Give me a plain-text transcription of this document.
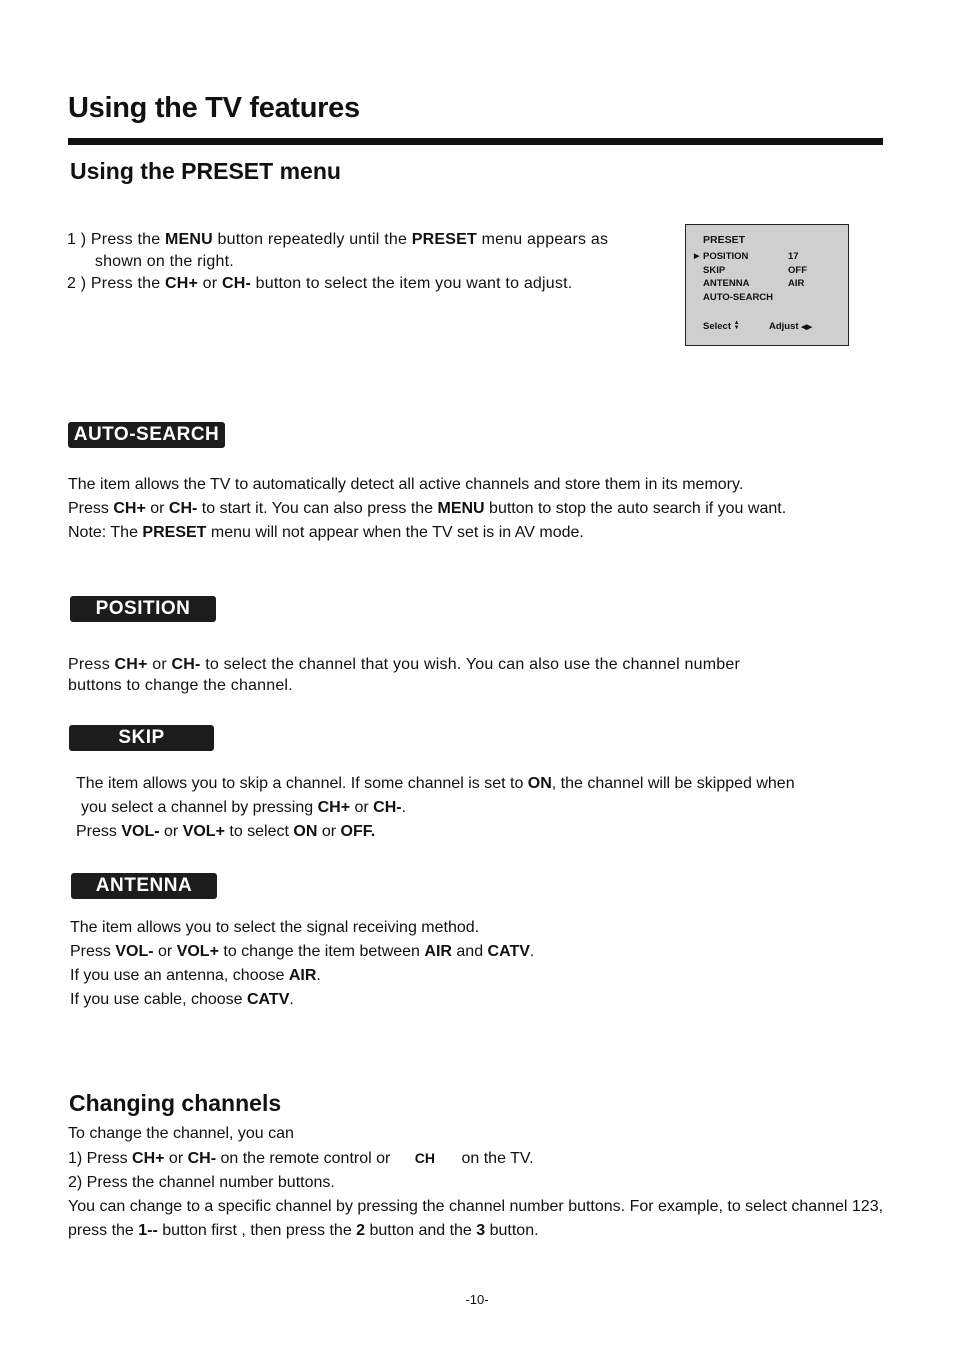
Using the TV features
Using the PRESET menu
1 ) Press the MENU button repeatedly until the PRESET menu appears as
shown on the right.
2 ) Press the CH+ or CH- button to select the item you want to adjust.
PRESET
▶ POSITION	17
SKIP	OFF
ANTENNA	AIR
AUTO-SEARCH
Select ▲▼	Adjust ◀▶
AUTO-SEARCH
The item allows the TV to automatically detect all active channels and store them in its memory.
Press CH+ or CH- to start it. You can also press the MENU button to stop the auto search if you want.
Note: The PRESET menu will not appear when the TV set is in AV mode.
POSITION
Press CH+ or CH- to select the channel that you wish. You can also use the channel number
buttons to change the channel.
SKIP
The item allows you to skip a channel. If some channel is set to ON, the channel will be skipped when
you select a channel by pressing CH+ or CH-.
Press VOL- or VOL+ to select ON or OFF.
ANTENNA
The item allows you to select the signal receiving method.
Press VOL- or VOL+ to change the item between AIR and CATV.
If you use an antenna, choose AIR.
If you use cable, choose CATV.
Changing channels
To change the channel, you can
1) Press CH+ or CH- on the remote control or CH on the TV.
2) Press the channel number buttons.
You can change to a specific channel by pressing the channel number buttons. For example, to select channel 123,
press the 1-- button first , then press the 2 button and the 3 button.
-10-
